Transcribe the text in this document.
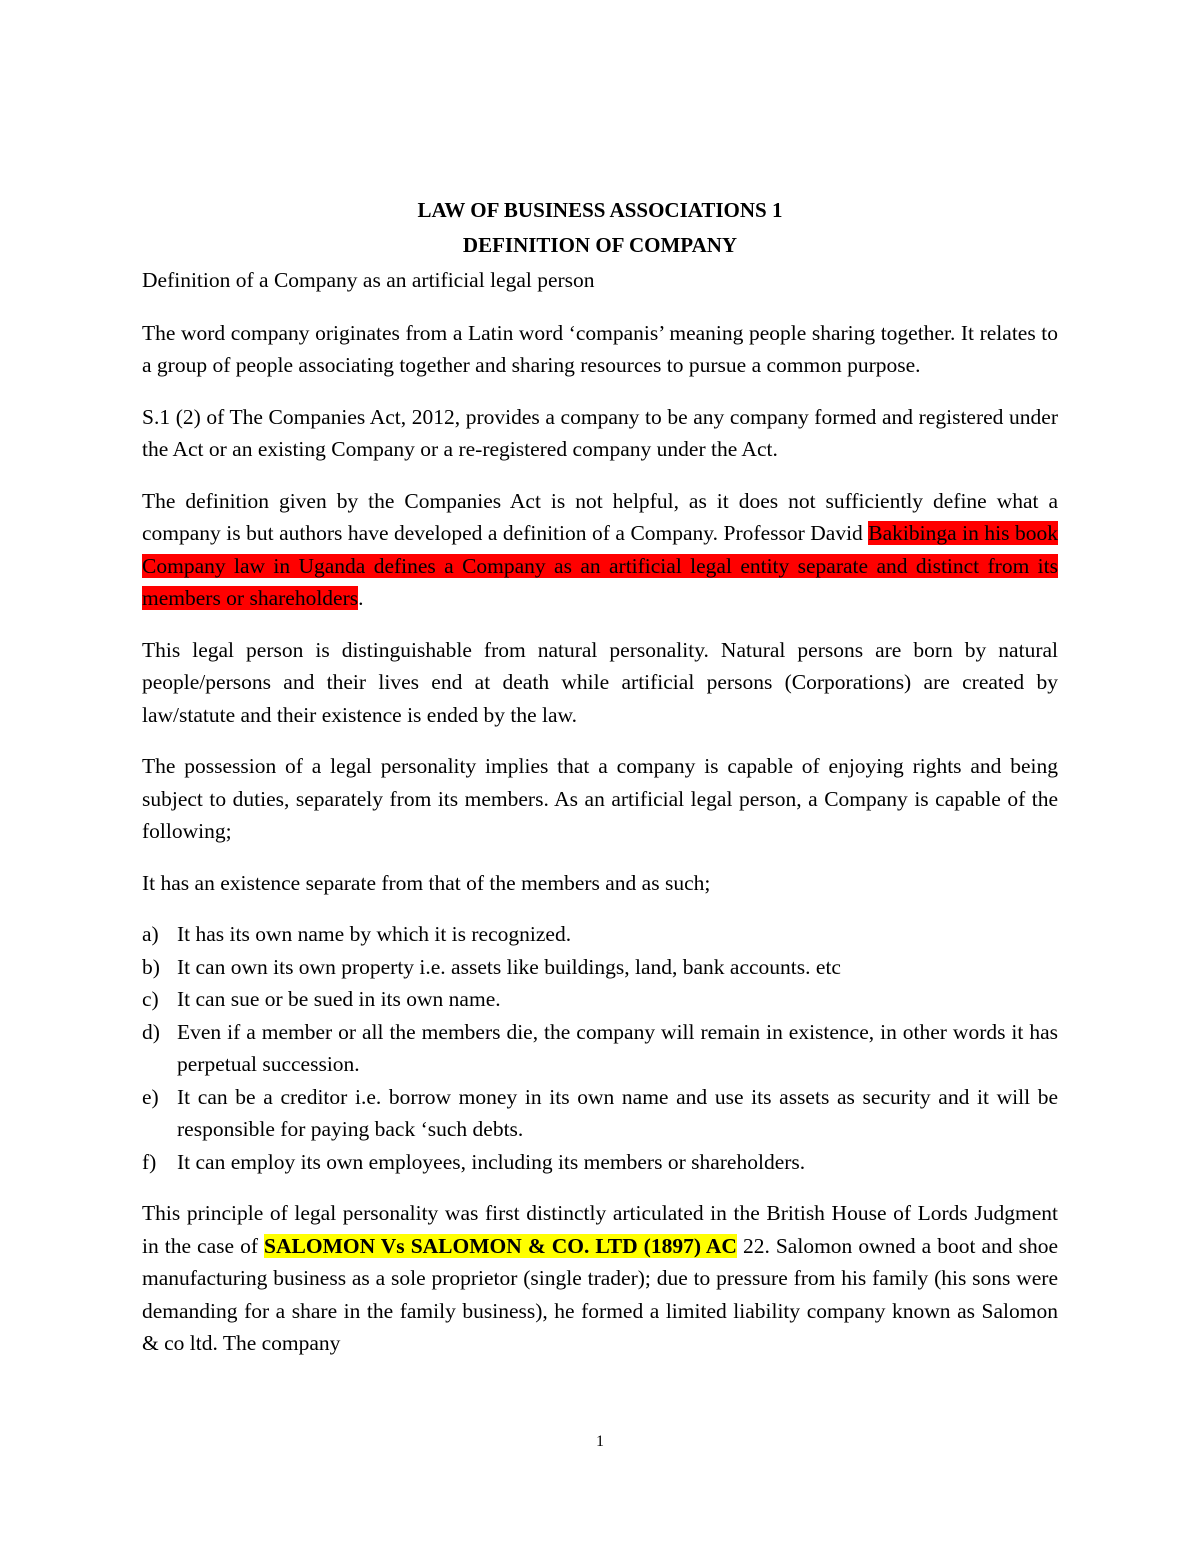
LAW OF BUSINESS ASSOCIATIONS 1
DEFINITION OF COMPANY

Definition of a Company as an artificial legal person

The word company originates from a Latin word ‘companis’ meaning people sharing together. It relates to a group of people associating together and sharing resources to pursue a common purpose.

S.1 (2) of The Companies Act, 2012, provides a company to be any company formed and registered under the Act or an existing Company or a re-registered company under the Act.

The definition given by the Companies Act is not helpful, as it does not sufficiently define what a company is but authors have developed a definition of a Company. Professor David Bakibinga in his book Company law in Uganda defines a Company as an artificial legal entity separate and distinct from its members or shareholders.

This legal person is distinguishable from natural personality. Natural persons are born by natural people/persons and their lives end at death while artificial persons (Corporations) are created by law/statute and their existence is ended by the law.

The possession of a legal personality implies that a company is capable of enjoying rights and being subject to duties, separately from its members. As an artificial legal person, a Company is capable of the following;

It has an existence separate from that of the members and as such;

a) It has its own name by which it is recognized.
b) It can own its own property i.e. assets like buildings, land, bank accounts. etc
c) It can sue or be sued in its own name.
d) Even if a member or all the members die, the company will remain in existence, in other words it has perpetual succession.
e) It can be a creditor i.e. borrow money in its own name and use its assets as security and it will be responsible for paying back ‘such debts.
f) It can employ its own employees, including its members or shareholders.

This principle of legal personality was first distinctly articulated in the British House of Lords Judgment in the case of SALOMON Vs SALOMON & CO. LTD (1897) AC 22. Salomon owned a boot and shoe manufacturing business as a sole proprietor (single trader); due to pressure from his family (his sons were demanding for a share in the family business), he formed a limited liability company known as Salomon & co ltd. The company

1
